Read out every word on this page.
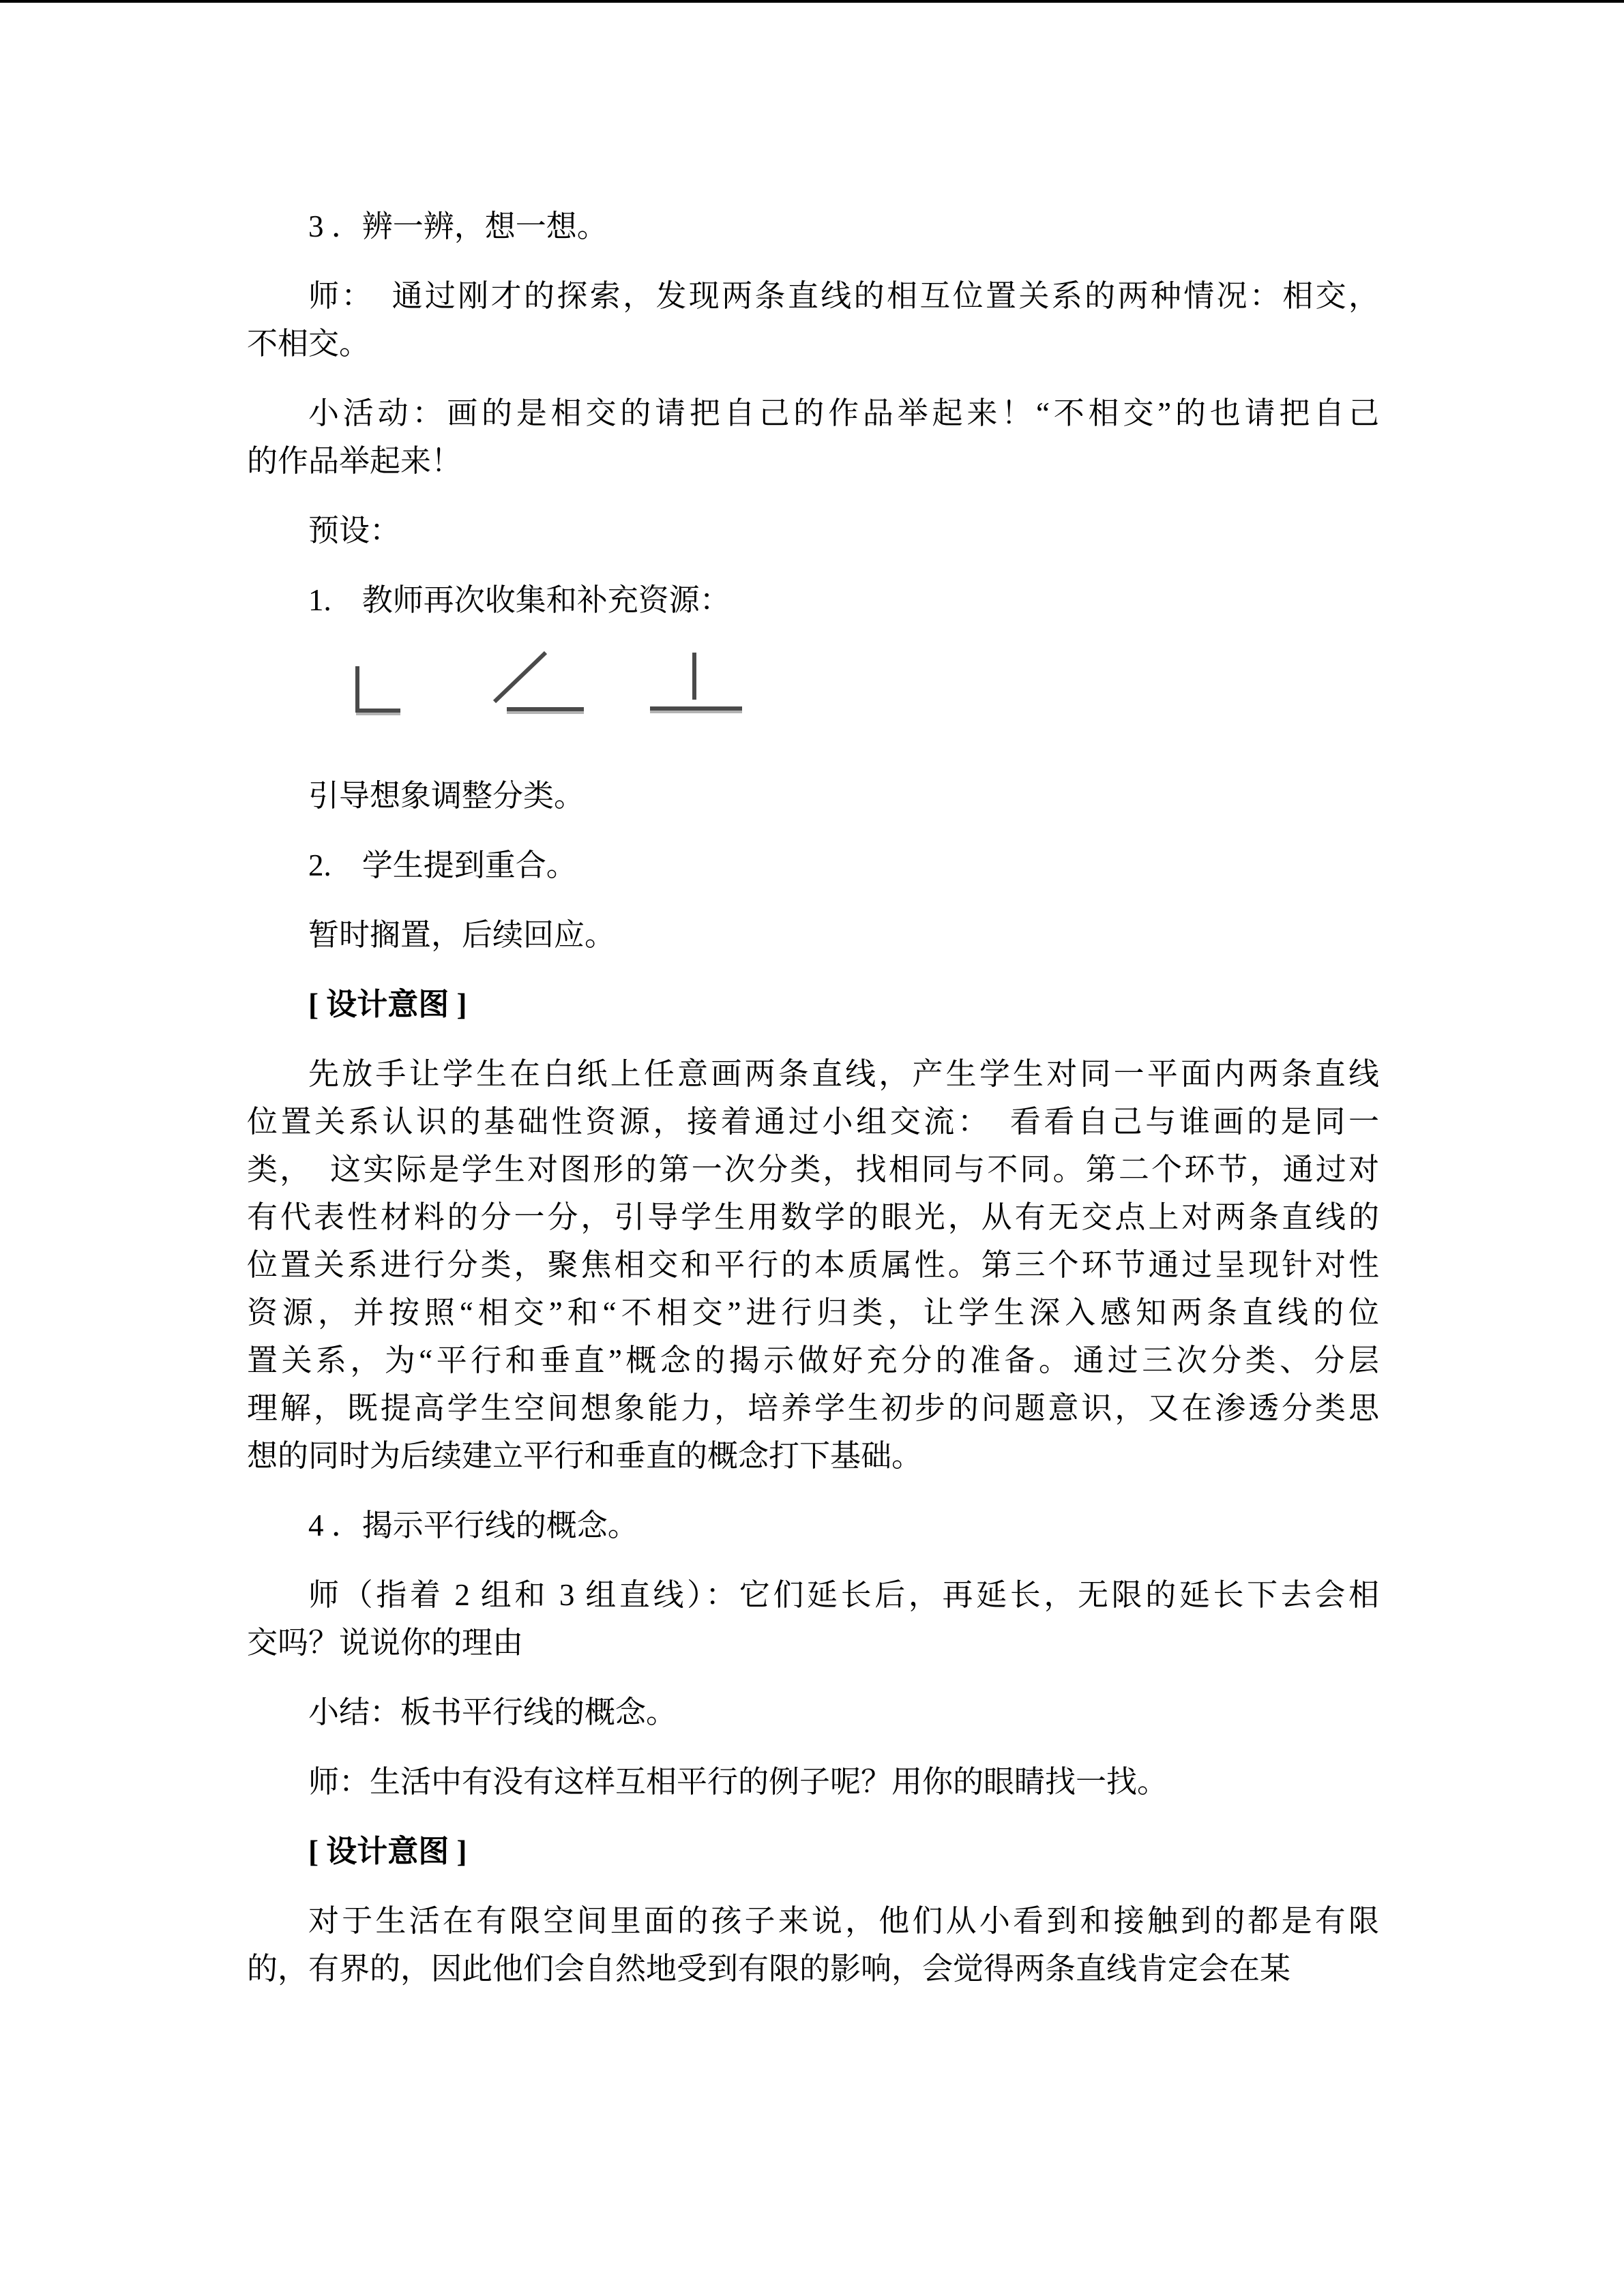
3 ．辨一辨，想一想。
师：　通过刚才的探索，发现两条直线的相互位置关系的两种情况：相交，
不相交。
小活动：画的是相交的请把自己的作品举起来！“不相交”的也请把自己
的作品举起来！
预设：
1.　教师再次收集和补充资源：
引导想象调整分类。
2.　学生提到重合。
暂时搁置，后续回应。
[ 设计意图 ]
先放手让学生在白纸上任意画两条直线，产生学生对同一平面内两条直线
位置关系认识的基础性资源，接着通过小组交流：　看看自己与谁画的是同一
类，　这实际是学生对图形的第一次分类，找相同与不同。第二个环节，通过对
有代表性材料的分一分，引导学生用数学的眼光，从有无交点上对两条直线的
位置关系进行分类，聚焦相交和平行的本质属性。第三个环节通过呈现针对性
资源，并按照“相交”和“不相交”进行归类，让学生深入感知两条直线的位
置关系，为“平行和垂直”概念的揭示做好充分的准备。通过三次分类、分层
理解，既提高学生空间想象能力，培养学生初步的问题意识，又在渗透分类思
想的同时为后续建立平行和垂直的概念打下基础。
4 ．揭示平行线的概念。
师（指着 2 组和 3 组直线）：它们延长后，再延长，无限的延长下去会相
交吗？说说你的理由
小结：板书平行线的概念。
师：生活中有没有这样互相平行的例子呢？用你的眼睛找一找。
[ 设计意图 ]
对于生活在有限空间里面的孩子来说，他们从小看到和接触到的都是有限
的，有界的，因此他们会自然地受到有限的影响，会觉得两条直线肯定会在某
